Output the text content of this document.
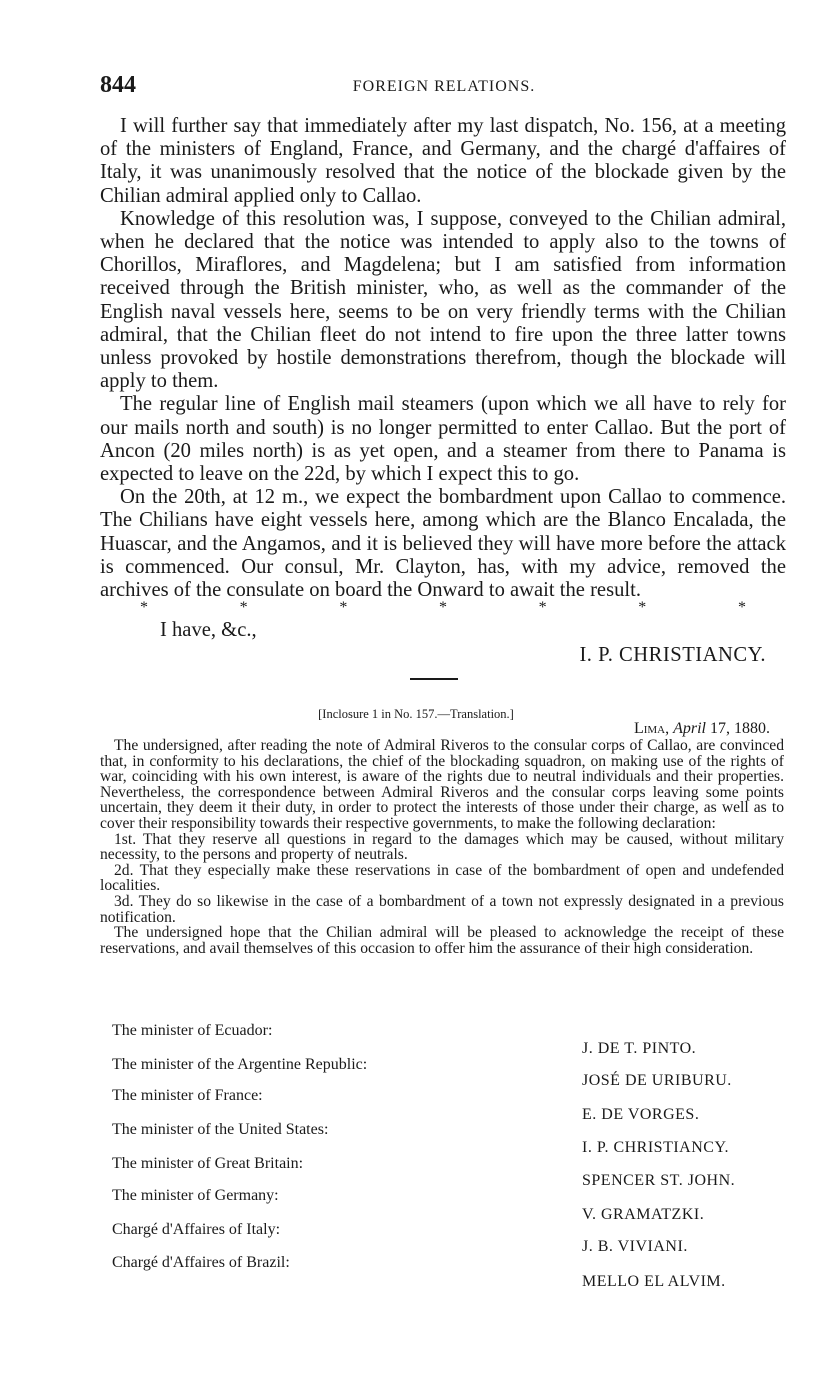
844	FOREIGN RELATIONS.

I will further say that immediately after my last dispatch, No. 156, at a meeting of the ministers of England, France, and Germany, and the chargé d'affaires of Italy, it was unanimously resolved that the notice of the blockade given by the Chilian admiral applied only to Callao.

Knowledge of this resolution was, I suppose, conveyed to the Chilian admiral, when he declared that the notice was intended to apply also to the towns of Chorillos, Miraflores, and Magdelena; but I am satisfied from information received through the British minister, who, as well as the commander of the English naval vessels here, seems to be on very friendly terms with the Chilian admiral, that the Chilian fleet do not intend to fire upon the three latter towns unless provoked by hostile demonstrations therefrom, though the blockade will apply to them.

The regular line of English mail steamers (upon which we all have to rely for our mails north and south) is no longer permitted to enter Callao. But the port of Ancon (20 miles north) is as yet open, and a steamer from there to Panama is expected to leave on the 22d, by which I expect this to go.

On the 20th, at 12 m., we expect the bombardment upon Callao to commence. The Chilians have eight vessels here, among which are the Blanco Encalada, the Huascar, and the Angamos, and it is believed they will have more before the attack is commenced. Our consul, Mr. Clayton, has, with my advice, removed the archives of the consulate on board the Onward to await the result.

*	*	*	*	*	*	*
I have, &c.,
I. P. CHRISTIANCY.
[Inclosure 1 in No. 157.—Translation.]
Lima, April 17, 1880.

The undersigned, after reading the note of Admiral Riveros to the consular corps of Callao, are convinced that, in conformity to his declarations, the chief of the blockading squadron, on making use of the rights of war, coinciding with his own interest, is aware of the rights due to neutral individuals and their properties. Nevertheless, the correspondence between Admiral Riveros and the consular corps leaving some points uncertain, they deem it their duty, in order to protect the interests of those under their charge, as well as to cover their responsibility towards their respective governments, to make the following declaration:

1st. That they reserve all questions in regard to the damages which may be caused, without military necessity, to the persons and property of neutrals.

2d. That they especially make these reservations in case of the bombardment of open and undefended localities.

3d. They do so likewise in the case of a bombardment of a town not expressly designated in a previous notification.

The undersigned hope that the Chilian admiral will be pleased to acknowledge the receipt of these reservations, and avail themselves of this occasion to offer him the assurance of their high consideration.

The minister of Ecuador:
J. DE T. PINTO.
The minister of the Argentine Republic:
JOSÉ DE URIBURU.
The minister of France:
E. DE VORGES.
The minister of the United States:
I. P. CHRISTIANCY.
The minister of Great Britain:
SPENCER ST. JOHN.
The minister of Germany:
V. GRAMATZKI.
Chargé d'Affaires of Italy:
J. B. VIVIANI.
Chargé d'Affaires of Brazil:
MELLO EL ALVIM.
